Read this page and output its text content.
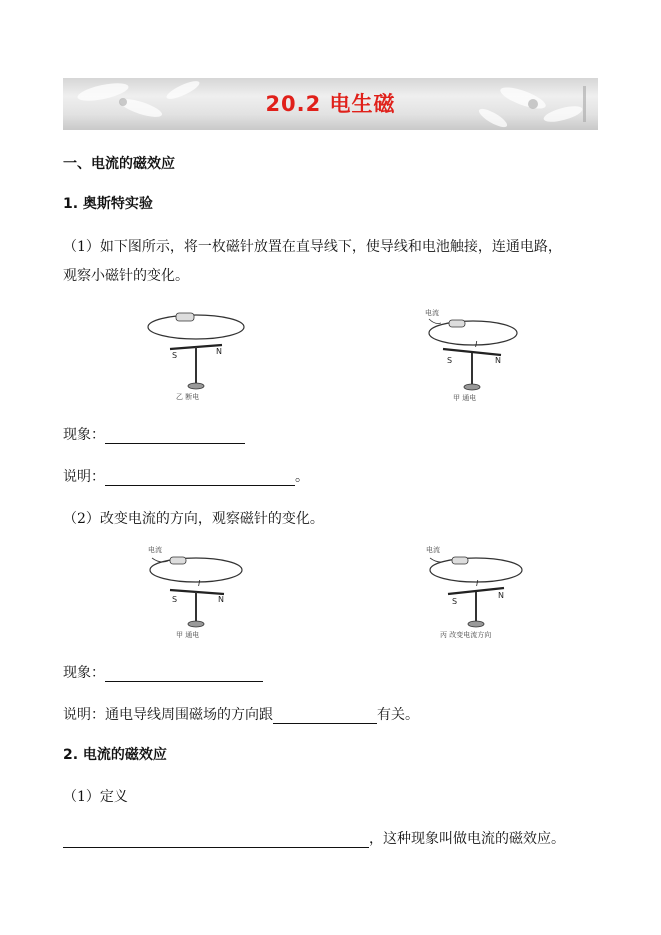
20.2 电生磁
一、电流的磁效应
1. 奥斯特实验
（1）如下图所示，将一枚磁针放置在直导线下，使导线和电池触接，连通电路，
观察小磁针的变化。
S	N
乙 断电
电流
I
S	N
甲 通电
现象：
说明：	。
（2）改变电流的方向，观察磁针的变化。
电流
I
S	N
甲 通电
电流
I
S
N
丙 改变电流方向
现象：
说明：通电导线周围磁场的方向跟	有关。
2. 电流的磁效应
（1）定义
，这种现象叫做电流的磁效应。
